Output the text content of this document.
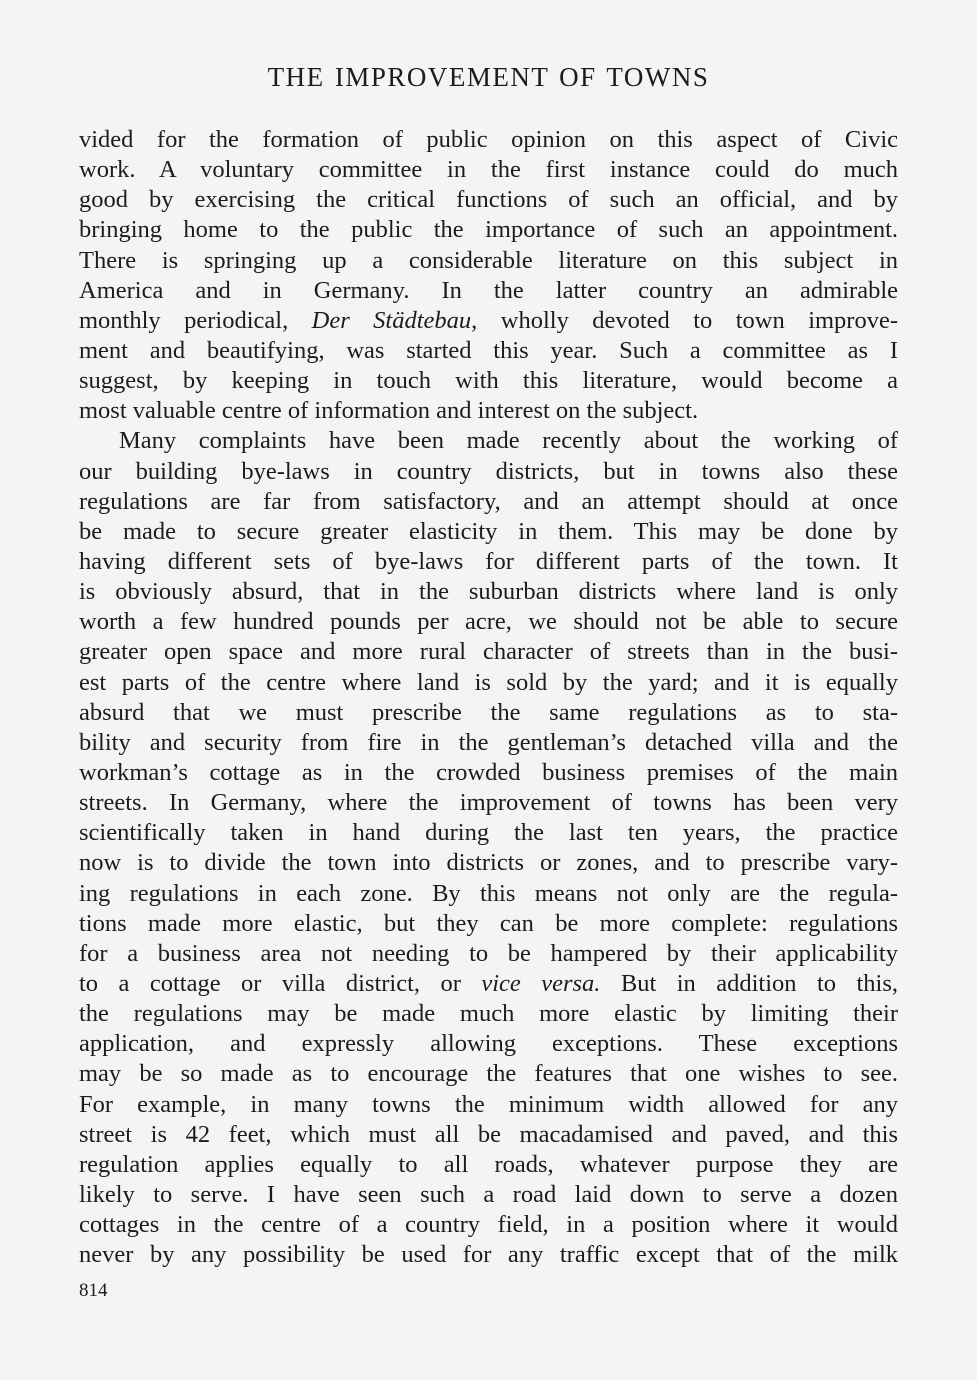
THE IMPROVEMENT OF TOWNS
vided for the formation of public opinion on this aspect of Civic
work. A voluntary committee in the first instance could do much
good by exercising the critical functions of such an official, and by
bringing home to the public the importance of such an appointment.
There is springing up a considerable literature on this subject in
America and in Germany. In the latter country an admirable
monthly periodical, Der Städtebau, wholly devoted to town improve-
ment and beautifying, was started this year. Such a committee as I
suggest, by keeping in touch with this literature, would become a
most valuable centre of information and interest on the subject.
Many complaints have been made recently about the working of
our building bye-laws in country districts, but in towns also these
regulations are far from satisfactory, and an attempt should at once
be made to secure greater elasticity in them. This may be done by
having different sets of bye-laws for different parts of the town. It
is obviously absurd, that in the suburban districts where land is only
worth a few hundred pounds per acre, we should not be able to secure
greater open space and more rural character of streets than in the busi-
est parts of the centre where land is sold by the yard; and it is equally
absurd that we must prescribe the same regulations as to sta-
bility and security from fire in the gentleman’s detached villa and the
workman’s cottage as in the crowded business premises of the main
streets. In Germany, where the improvement of towns has been very
scientifically taken in hand during the last ten years, the practice
now is to divide the town into districts or zones, and to prescribe vary-
ing regulations in each zone. By this means not only are the regula-
tions made more elastic, but they can be more complete: regulations
for a business area not needing to be hampered by their applicability
to a cottage or villa district, or vice versa. But in addition to this,
the regulations may be made much more elastic by limiting their
application, and expressly allowing exceptions. These exceptions
may be so made as to encourage the features that one wishes to see.
For example, in many towns the minimum width allowed for any
street is 42 feet, which must all be macadamised and paved, and this
regulation applies equally to all roads, whatever purpose they are
likely to serve. I have seen such a road laid down to serve a dozen
cottages in the centre of a country field, in a position where it would
never by any possibility be used for any traffic except that of the milk
814
